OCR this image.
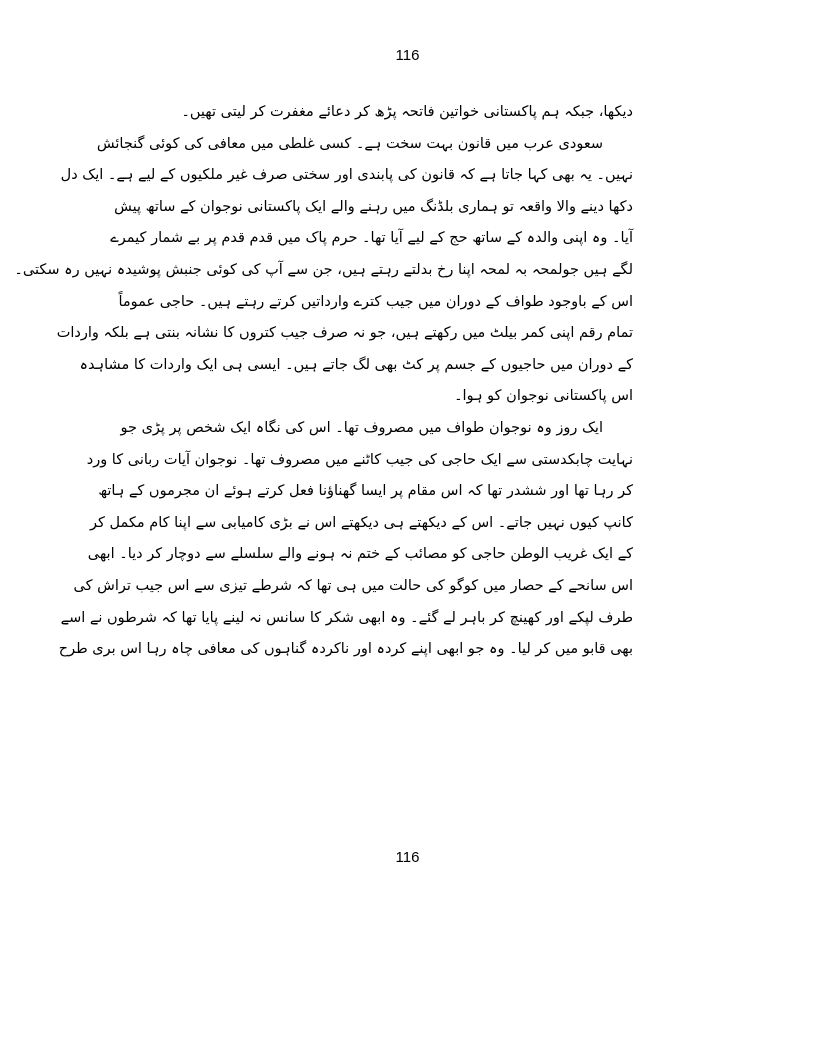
116
دیکھا، جبکہ ہم پاکستانی خواتین فاتحہ پڑھ کر دعائے مغفرت کر لیتی تھیں۔
سعودی عرب میں قانون بہت سخت ہے۔ کسی غلطی میں معافی کی کوئی گنجائش
نہیں۔ یہ بھی کہا جاتا ہے کہ قانون کی پابندی اور سختی صرف غیر ملکیوں کے لیے ہے۔ ایک دل
دکھا دینے والا واقعہ تو ہماری بلڈنگ میں رہنے والے ایک پاکستانی نوجوان کے ساتھ پیش
آیا۔ وہ اپنی والدہ کے ساتھ حج کے لیے آیا تھا۔ حرم پاک میں قدم قدم پر بے شمار کیمرے
لگے ہیں جولمحہ بہ لمحہ اپنا رخ بدلتے رہتے ہیں، جن سے آپ کی کوئی جنبش پوشیدہ نہیں رہ سکتی۔
اس کے باوجود طواف کے دوران میں جیب کترے وارداتیں کرتے رہتے ہیں۔ حاجی عموماً
تمام رقم اپنی کمر بیلٹ میں رکھتے ہیں، جو نہ صرف جیب کتروں کا نشانہ بنتی ہے بلکہ واردات
کے دوران میں حاجیوں کے جسم پر کٹ بھی لگ جاتے ہیں۔ ایسی ہی ایک واردات کا مشاہدہ
اس پاکستانی نوجوان کو ہوا۔
ایک روز وہ نوجوان طواف میں مصروف تھا۔ اس کی نگاہ ایک شخص پر پڑی جو
نہایت چابکدستی سے ایک حاجی کی جیب کاٹنے میں مصروف تھا۔ نوجوان آیات ربانی کا ورد
کر رہا تھا اور ششدر تھا کہ اس مقام پر ایسا گھناؤنا فعل کرتے ہوئے ان مجرموں کے ہاتھ
کانپ کیوں نہیں جاتے۔ اس کے دیکھتے ہی دیکھتے اس نے بڑی کامیابی سے اپنا کام مکمل کر
کے ایک غریب الوطن حاجی کو مصائب کے ختم نہ ہونے والے سلسلے سے دوچار کر دیا۔ ابھی
اس سانحے کے حصار میں کوگو کی حالت میں ہی تھا کہ شرطے تیزی سے اس جیب تراش کی
طرف لپکے اور کھینچ کر باہر لے گئے۔ وہ ابھی شکر کا سانس نہ لینے پایا تھا کہ شرطوں نے اسے
بھی قابو میں کر لیا۔ وہ جو ابھی اپنے کردہ اور ناکردہ گناہوں کی معافی چاہ رہا اس بری طرح
116
